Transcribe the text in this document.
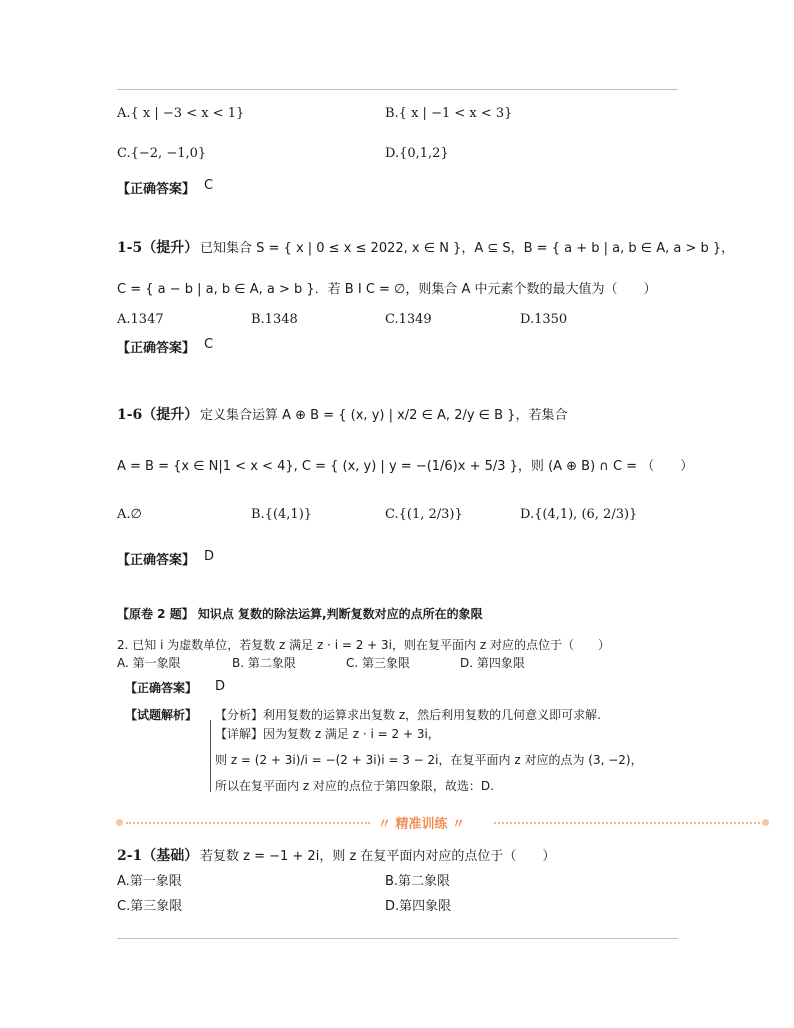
A.{ x | −3 < x < 1}	B.{ x | −1 < x < 3}
C.{−2, −1,0}	D.{0,1,2}
【正确答案】 C
1-5（提升） 已知集合 S = { x | 0 ≤ x ≤ 2022, x ∈ N }，A ⊆ S，B = { a + b | a, b ∈ A, a > b }，
C = { a − b | a, b ∈ A, a > b }．若 B I C = ∅，则集合 A 中元素个数的最大值为（　　）
A.1347	B.1348	C.1349	D.1350
【正确答案】 C
1-6（提升） 定义集合运算 A ⊕ B = { (x, y) | x/2 ∈ A, 2/y ∈ B }，若集合
A = B = {x ∈ N|1 < x < 4}, C = { (x, y) | y = −(1/6)x + 5/3 }，则 (A ⊕ B) ∩ C = （　　）
A.∅	B.{(4,1)}	C.{(1, 2/3)}	D.{(4,1), (6, 2/3)}
【正确答案】 D
【原卷 2 题】 知识点 复数的除法运算,判断复数对应的点所在的象限
2. 已知 i 为虚数单位，若复数 z 满足 z · i = 2 + 3i，则在复平面内 z 对应的点位于（　　）
A. 第一象限	B. 第二象限	C. 第三象限	D. 第四象限
【正确答案】 D
【试题解析】 【分析】利用复数的运算求出复数 z，然后利用复数的几何意义即可求解.
【详解】因为复数 z 满足 z · i = 2 + 3i，
则 z = (2 + 3i)/i = −(2 + 3i)i = 3 − 2i，在复平面内 z 对应的点为 (3, −2)，
所以在复平面内 z 对应的点位于第四象限，故选：D.
〃 精准训练 〃
2-1（基础） 若复数 z = −1 + 2i，则 z 在复平面内对应的点位于（　　）
A.第一象限	B.第二象限
C.第三象限	D.第四象限
